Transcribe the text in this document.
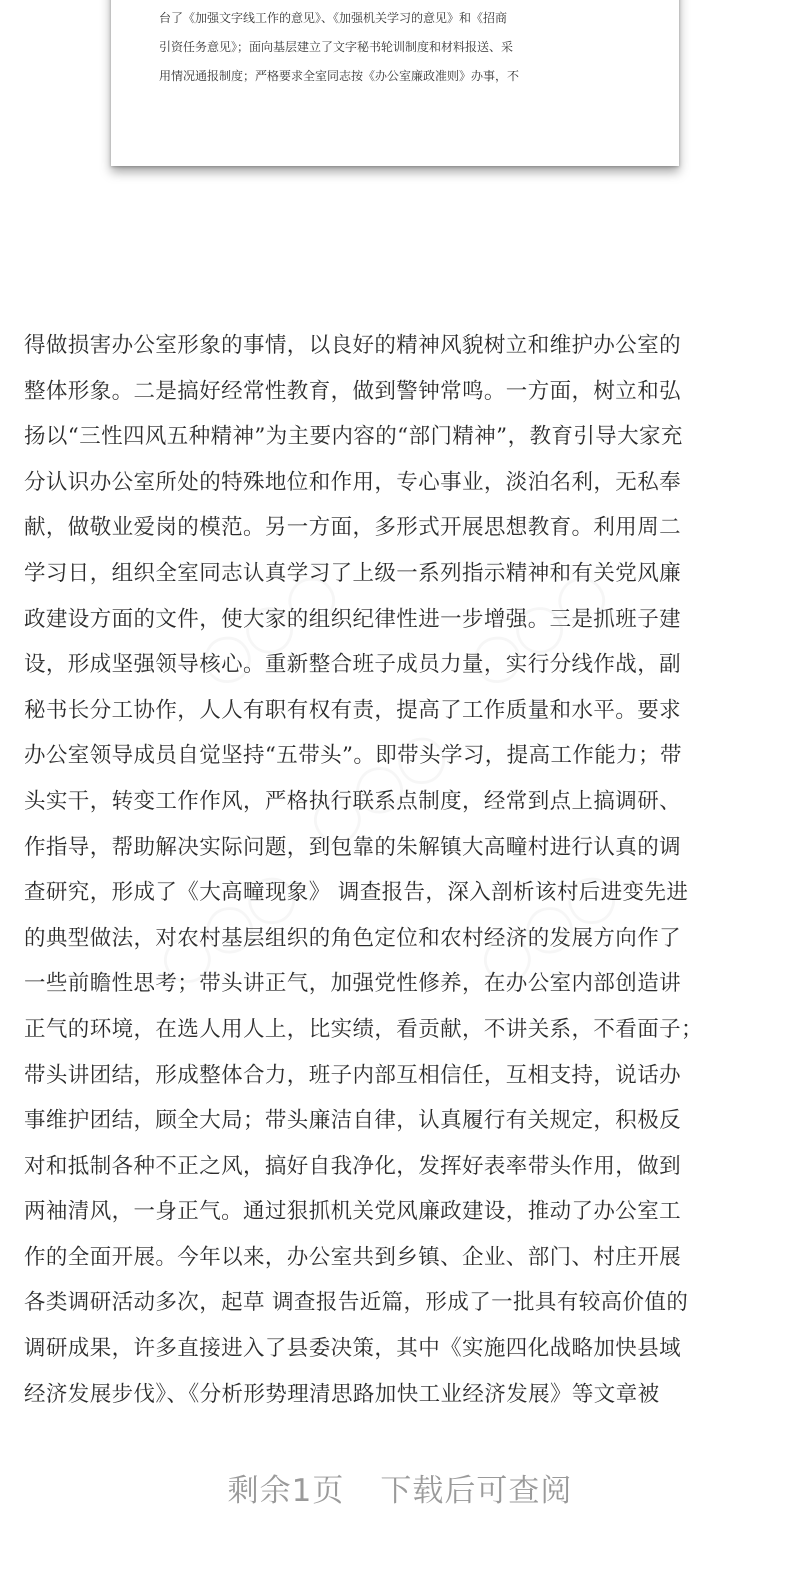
台了《加强文字线工作的意见》、《加强机关学习的意见》和《招商
引资任务意见》；面向基层建立了文字秘书轮训制度和材料报送、采
用情况通报制度；严格要求全室同志按《办公室廉政准则》办事，不
得做损害办公室形象的事情，以良好的精神风貌树立和维护办公室的
整体形象。二是搞好经常性教育，做到警钟常鸣。一方面，树立和弘
扬以“三性四风五种精神”为主要内容的“部门精神”，教育引导大家充
分认识办公室所处的特殊地位和作用，专心事业，淡泊名利，无私奉
献，做敬业爱岗的模范。另一方面，多形式开展思想教育。利用周二
学习日，组织全室同志认真学习了上级一系列指示精神和有关党风廉
政建设方面的文件，使大家的组织纪律性进一步增强。三是抓班子建
设，形成坚强领导核心。重新整合班子成员力量，实行分线作战，副
秘书长分工协作，人人有职有权有责，提高了工作质量和水平。要求
办公室领导成员自觉坚持“五带头”。即带头学习，提高工作能力；带
头实干，转变工作作风，严格执行联系点制度，经常到点上搞调研、
作指导，帮助解决实际问题，到包靠的朱解镇大高疃村进行认真的调
查研究，形成了《大高疃现象》 调查报告，深入剖析该村后进变先进
的典型做法，对农村基层组织的角色定位和农村经济的发展方向作了
一些前瞻性思考；带头讲正气，加强党性修养，在办公室内部创造讲
正气的环境，在选人用人上，比实绩，看贡献，不讲关系，不看面子；
带头讲团结，形成整体合力，班子内部互相信任，互相支持，说话办
事维护团结，顾全大局；带头廉洁自律，认真履行有关规定，积极反
对和抵制各种不正之风，搞好自我净化，发挥好表率带头作用，做到
两袖清风，一身正气。通过狠抓机关党风廉政建设，推动了办公室工
作的全面开展。今年以来，办公室共到乡镇、企业、部门、村庄开展
各类调研活动多次，起草 调查报告近篇，形成了一批具有较高价值的
调研成果，许多直接进入了县委决策，其中《实施四化战略加快县域
经济发展步伐》、《分析形势理清思路加快工业经济发展》等文章被
剩余1页 下载后可查阅
